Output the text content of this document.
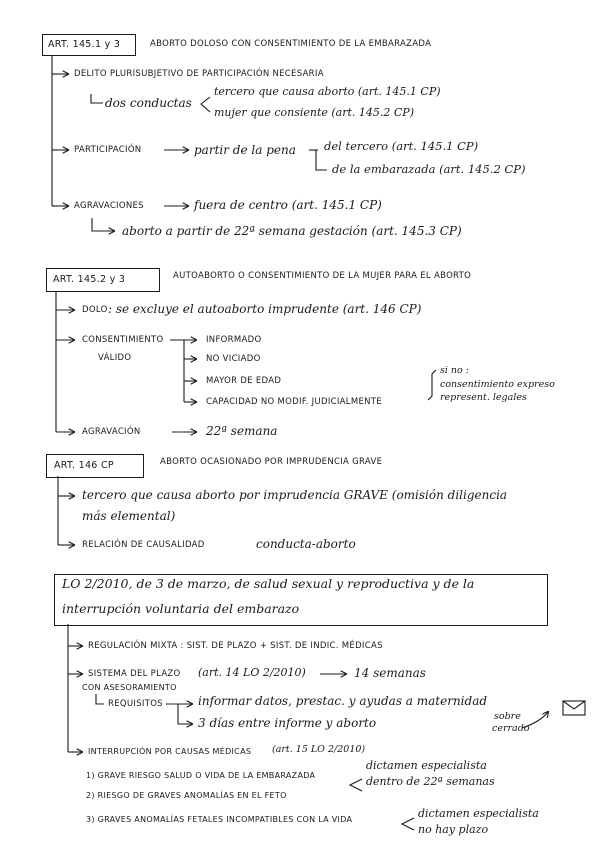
ART. 145.1 y 3	ABORTO DOLOSO CON CONSENTIMIENTO DE LA EMBARAZADA
DELITO PLURISUBJETIVO DE PARTICIPACIÓN NECESARIA
dos conductas
tercero que causa aborto (art. 145.1 CP)
mujer que consiente (art. 145.2 CP)
PARTICIPACIÓN	partir de la pena del tercero (art. 145.1 CP)
de la embarazada (art. 145.2 CP)
AGRAVACIONES	fuera de centro (art. 145.1 CP)
aborto a partir de 22ª semana gestación (art. 145.3 CP)
ART. 145.2 y 3	AUTOABORTO O CONSENTIMIENTO DE LA MUJER PARA EL ABORTO
DOLO : se excluye el autoaborto imprudente (art. 146 CP)
CONSENTIMIENTO
VÁLIDO
INFORMADO
NO VICIADO
MAYOR DE EDAD
CAPACIDAD NO MODIF. JUDICIALMENTE
si no :
consentimiento expreso
represent. legales
AGRAVACIÓN	22ª semana
ART. 146 CP	ABORTO OCASIONADO POR IMPRUDENCIA GRAVE
tercero que causa aborto por imprudencia GRAVE (omisión diligencia
más elemental)
RELACIÓN DE CAUSALIDAD	conducta-aborto
LO 2/2010, de 3 de marzo, de salud sexual y reproductiva y de la
interrupción voluntaria del embarazo
REGULACIÓN MIXTA : SIST. DE PLAZO + SIST. DE INDIC. MÉDICAS
SISTEMA DEL PLAZO (art. 14 LO 2/2010)	14 semanas
CON ASESORAMIENTO
REQUISITOS	informar datos, prestac. y ayudas a maternidad
3 días entre informe y aborto	sobre
cerrado
INTERRUPCIÓN POR CAUSAS MÉDICAS (art. 15 LO 2/2010)
1) GRAVE RIESGO SALUD O VIDA DE LA EMBARAZADA
2) RIESGO DE GRAVES ANOMALÍAS EN EL FETO
3) GRAVES ANOMALÍAS FETALES INCOMPATIBLES CON LA VIDA
dictamen especialista
dentro de 22ª semanas
dictamen especialista
no hay plazo
